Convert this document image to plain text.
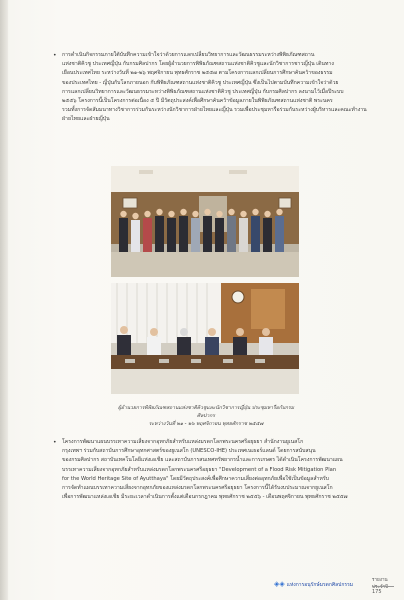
• การดำเนินกิจกรรมภายใต้บันทึกความเข้าใจว่าด้วยการแลกเปลี่ยนวิทยาการและวัฒนธรรมระหว่างพิพิธภัณฑสถาน
แห่งชาติคิวชู ประเทศญี่ปุ่น กับกรมศิลปากร โดยผู้อำนวยการพิพิธภัณฑสถานแห่งชาติคิวชูและนักวิชาการชาวญี่ปุ่น เดินทาง
เยือนประเทศไทย ระหว่างวันที่ ๒๑-๒๖ พฤศจิกายน พุทธศักราช ๒๕๕๗ ตามโครงการแลกเปลี่ยนการศึกษาค้นคว้าของธรรม
ของประเทศไทย - ญี่ปุ่นกับโลกภายนอก กับพิพิธภัณฑสถานแห่งชาติคิวชู ประเทศญี่ปุ่น ซึ่งเป็นไปตามบันทึกความเข้าใจว่าด้วย
การแลกเปลี่ยนวิทยาการและวัฒนธรรมระหว่างพิพิธภัณฑสถานแห่งชาติคิวชู ประเทศญี่ปุ่น กับกรมศิลปากร ลงนามไว้เมื่อปีระบบ
๒๕๕๖ โครงการนี้เป็นโครงการต่อเนื่อง ๕ ปี มีวัตถุประสงค์เพื่อศึกษาค้นคว้าข้อมูลภายในพิพิธภัณฑสถานแห่งชาติ พระนคร
รวมทั้งการจัดสัมมนาทางวิชาการร่วมกันระหว่างนักวิชาการฝ่ายไทยและญี่ปุ่น รวมเพื่อประชุมหารือร่วมกันระหว่างผู้บริหารและคณะทำงาน
ฝ่ายไทยและฝ่ายญี่ปุ่น
ผู้อำนวยการพิพิธภัณฑสถานแห่งชาติคิวชูและนักวิชาการญี่ปุ่น ประชุมหารือกับกรมศิลปากร
ระหว่างวันที่ ๒๑ - ๒๖ พฤศจิกายน พุทธศักราช ๒๕๕๗
• โครงการพัฒนาแผนบรรเทาความเสี่ยงจากอุทกภัยสำหรับแหล่งมรดกโลกพระนครศรีอยุธยา สำนักงานยูเนสโก
กรุงเทพฯ ร่วมกับสถาบันการศึกษาอุทกศาสตร์ของยูเนสโก (UNESCO-IHE) ประเทศเนเธอร์แลนด์ โดยการสนับสนุน
ของกรมศิลปากร สถาบันเทคโนโลยีแห่งเอเชีย และสถาบันการสนเทศทรัพยากรน้ำและการเกษตร ได้ดำเนินโครงการพัฒนาแผน
บรรเทาความเสี่ยงจากอุทกภัยสำหรับแหล่งมรดกโลกพระนครศรีอยุธยา "Development of a Flood Risk Mitigation Plan
for the World Heritage Site of Ayutthaya" โดยมีวัตถุประสงค์เพื่อศึกษาความเสี่ยงต่ออุทกภัยเพื่อใช้เป็นข้อมูลสำหรับ
การจัดทำแผนบรรเทาความเสี่ยงจากอุทกภัยของแหล่งมรดกโลกพระนครศรีอยุธยา โครงการนี้ได้รับงบประมาณจากยูเนสโก
เพื่อการพัฒนาแหล่งเอเชีย มีระยะเวลาดำเนินการตั้งแต่เดือนกรกฎาคม พุทธศักราช ๒๕๕๖ - เดือนพฤศจิกายน พุทธศักราช ๒๕๕๗
◈◈ แห่งการอนุรักษ์มรดกศิลปกรรม
รายงานประจำปี
175
